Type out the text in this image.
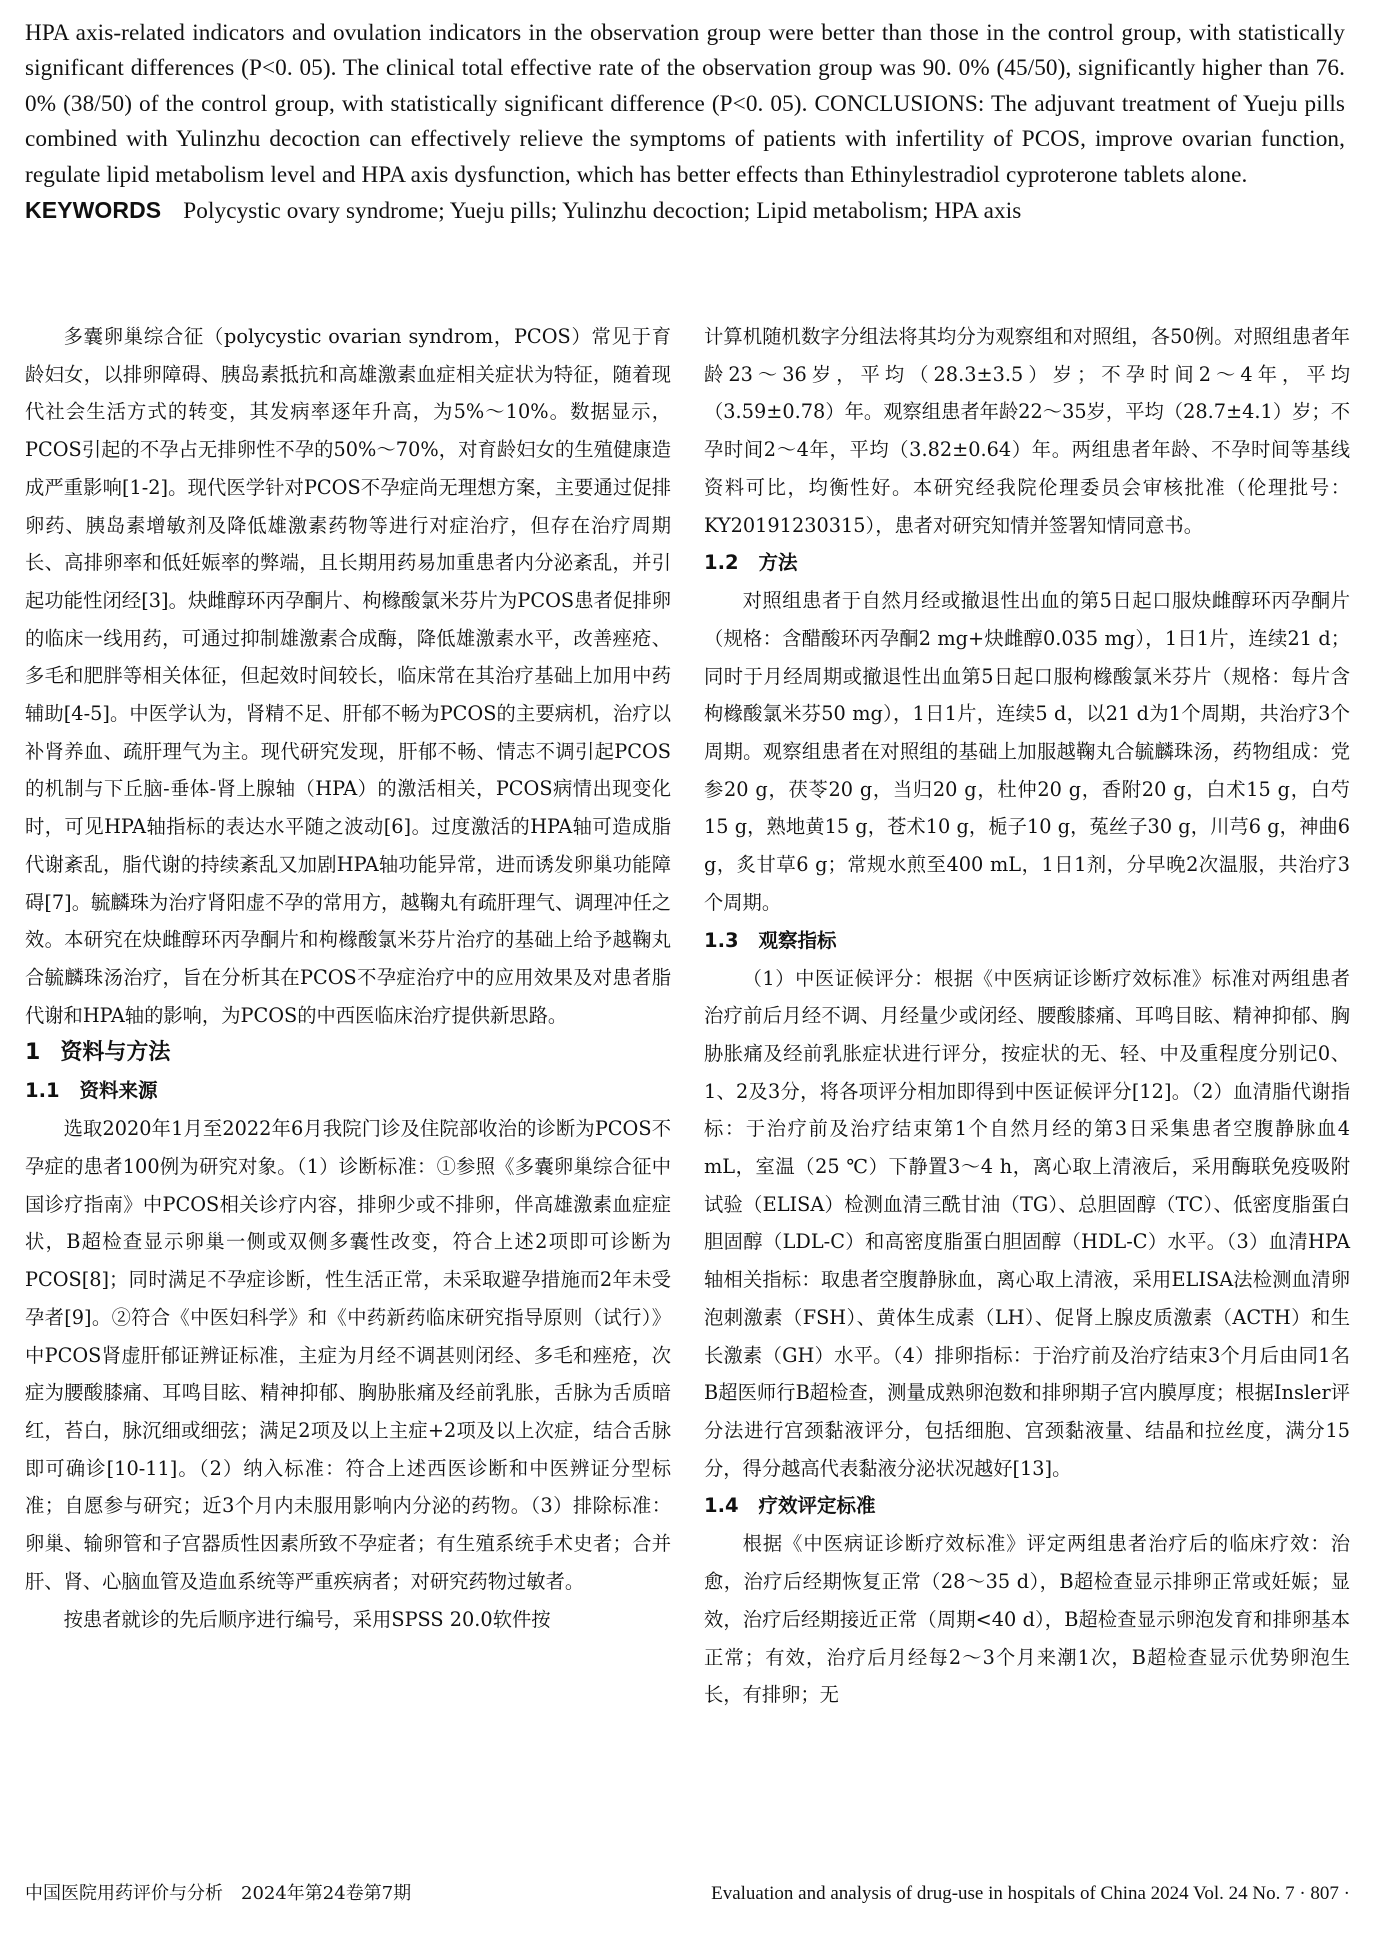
HPA axis-related indicators and ovulation indicators in the observation group were better than those in the control group, with statistically significant differences (P<0. 05). The clinical total effective rate of the observation group was 90. 0% (45/50), significantly higher than 76. 0% (38/50) of the control group, with statistically significant difference (P<0. 05). CONCLUSIONS: The adjuvant treatment of Yueju pills combined with Yulinzhu decoction can effectively relieve the symptoms of patients with infertility of PCOS, improve ovarian function, regulate lipid metabolism level and HPA axis dysfunction, which has better effects than Ethinylestradiol cyproterone tablets alone.

KEYWORDS Polycystic ovary syndrome; Yueju pills; Yulinzhu decoction; Lipid metabolism; HPA axis

多囊卵巢综合征（polycystic ovarian syndrom，PCOS）常见于育龄妇女，以排卵障碍、胰岛素抵抗和高雄激素血症相关症状为特征，随着现代社会生活方式的转变，其发病率逐年升高，为5%～10%。数据显示，PCOS引起的不孕占无排卵性不孕的50%～70%，对育龄妇女的生殖健康造成严重影响[1-2]。现代医学针对PCOS不孕症尚无理想方案，主要通过促排卵药、胰岛素增敏剂及降低雄激素药物等进行对症治疗，但存在治疗周期长、高排卵率和低妊娠率的弊端，且长期用药易加重患者内分泌紊乱，并引起功能性闭经[3]。炔雌醇环丙孕酮片、枸橼酸氯米芬片为PCOS患者促排卵的临床一线用药，可通过抑制雄激素合成酶，降低雄激素水平，改善痤疮、多毛和肥胖等相关体征，但起效时间较长，临床常在其治疗基础上加用中药辅助[4-5]。中医学认为，肾精不足、肝郁不畅为PCOS的主要病机，治疗以补肾养血、疏肝理气为主。现代研究发现，肝郁不畅、情志不调引起PCOS的机制与下丘脑-垂体-肾上腺轴（HPA）的激活相关，PCOS病情出现变化时，可见HPA轴指标的表达水平随之波动[6]。过度激活的HPA轴可造成脂代谢紊乱，脂代谢的持续紊乱又加剧HPA轴功能异常，进而诱发卵巢功能障碍[7]。毓麟珠为治疗肾阳虚不孕的常用方，越鞠丸有疏肝理气、调理冲任之效。本研究在炔雌醇环丙孕酮片和枸橼酸氯米芬片治疗的基础上给予越鞠丸合毓麟珠汤治疗，旨在分析其在PCOS不孕症治疗中的应用效果及对患者脂代谢和HPA轴的影响，为PCOS的中西医临床治疗提供新思路。

1 资料与方法
1.1 资料来源

选取2020年1月至2022年6月我院门诊及住院部收治的诊断为PCOS不孕症的患者100例为研究对象。（1）诊断标准：①参照《多囊卵巢综合征中国诊疗指南》中PCOS相关诊疗内容，排卵少或不排卵，伴高雄激素血症症状，B超检查显示卵巢一侧或双侧多囊性改变，符合上述2项即可诊断为PCOS[8]；同时满足不孕症诊断，性生活正常，未采取避孕措施而2年未受孕者[9]。②符合《中医妇科学》和《中药新药临床研究指导原则（试行）》中PCOS肾虚肝郁证辨证标准，主症为月经不调甚则闭经、多毛和痤疮，次症为腰酸膝痛、耳鸣目眩、精神抑郁、胸胁胀痛及经前乳胀，舌脉为舌质暗红，苔白，脉沉细或细弦；满足2项及以上主症+2项及以上次症，结合舌脉即可确诊[10-11]。（2）纳入标准：符合上述西医诊断和中医辨证分型标准；自愿参与研究；近3个月内未服用影响内分泌的药物。（3）排除标准：卵巢、输卵管和子宫器质性因素所致不孕症者；有生殖系统手术史者；合并肝、肾、心脑血管及造血系统等严重疾病者；对研究药物过敏者。

按患者就诊的先后顺序进行编号，采用SPSS 20.0软件按

计算机随机数字分组法将其均分为观察组和对照组，各50例。对照组患者年龄23～36岁，平均（28.3±3.5）岁；不孕时间2～4年，平均（3.59±0.78）年。观察组患者年龄22～35岁，平均（28.7±4.1）岁；不孕时间2～4年，平均（3.82±0.64）年。两组患者年龄、不孕时间等基线资料可比，均衡性好。本研究经我院伦理委员会审核批准（伦理批号：KY20191230315），患者对研究知情并签署知情同意书。

1.2 方法

对照组患者于自然月经或撤退性出血的第5日起口服炔雌醇环丙孕酮片（规格：含醋酸环丙孕酮2 mg+炔雌醇0.035 mg），1日1片，连续21 d；同时于月经周期或撤退性出血第5日起口服枸橼酸氯米芬片（规格：每片含枸橼酸氯米芬50 mg），1日1片，连续5 d，以21 d为1个周期，共治疗3个周期。观察组患者在对照组的基础上加服越鞠丸合毓麟珠汤，药物组成：党参20 g，茯苓20 g，当归20 g，杜仲20 g，香附20 g，白术15 g，白芍15 g，熟地黄15 g，苍术10 g，栀子10 g，菟丝子30 g，川芎6 g，神曲6 g，炙甘草6 g；常规水煎至400 mL，1日1剂，分早晚2次温服，共治疗3个周期。

1.3 观察指标

（1）中医证候评分：根据《中医病证诊断疗效标准》标准对两组患者治疗前后月经不调、月经量少或闭经、腰酸膝痛、耳鸣目眩、精神抑郁、胸胁胀痛及经前乳胀症状进行评分，按症状的无、轻、中及重程度分别记0、1、2及3分，将各项评分相加即得到中医证候评分[12]。（2）血清脂代谢指标：于治疗前及治疗结束第1个自然月经的第3日采集患者空腹静脉血4 mL，室温（25 ℃）下静置3～4 h，离心取上清液后，采用酶联免疫吸附试验（ELISA）检测血清三酰甘油（TG）、总胆固醇（TC）、低密度脂蛋白胆固醇（LDL-C）和高密度脂蛋白胆固醇（HDL-C）水平。（3）血清HPA轴相关指标：取患者空腹静脉血，离心取上清液，采用ELISA法检测血清卵泡刺激素（FSH）、黄体生成素（LH）、促肾上腺皮质激素（ACTH）和生长激素（GH）水平。（4）排卵指标：于治疗前及治疗结束3个月后由同1名B超医师行B超检查，测量成熟卵泡数和排卵期子宫内膜厚度；根据Insler评分法进行宫颈黏液评分，包括细胞、宫颈黏液量、结晶和拉丝度，满分15分，得分越高代表黏液分泌状况越好[13]。

1.4 疗效评定标准

根据《中医病证诊断疗效标准》评定两组患者治疗后的临床疗效：治愈，治疗后经期恢复正常（28～35 d），B超检查显示排卵正常或妊娠；显效，治疗后经期接近正常（周期<40 d），B超检查显示卵泡发育和排卵基本正常；有效，治疗后月经每2～3个月来潮1次，B超检查显示优势卵泡生长，有排卵；无

中国医院用药评价与分析　2024年第24卷第7期	Evaluation and analysis of drug-use in hospitals of China 2024 Vol. 24 No. 7 · 807 ·
